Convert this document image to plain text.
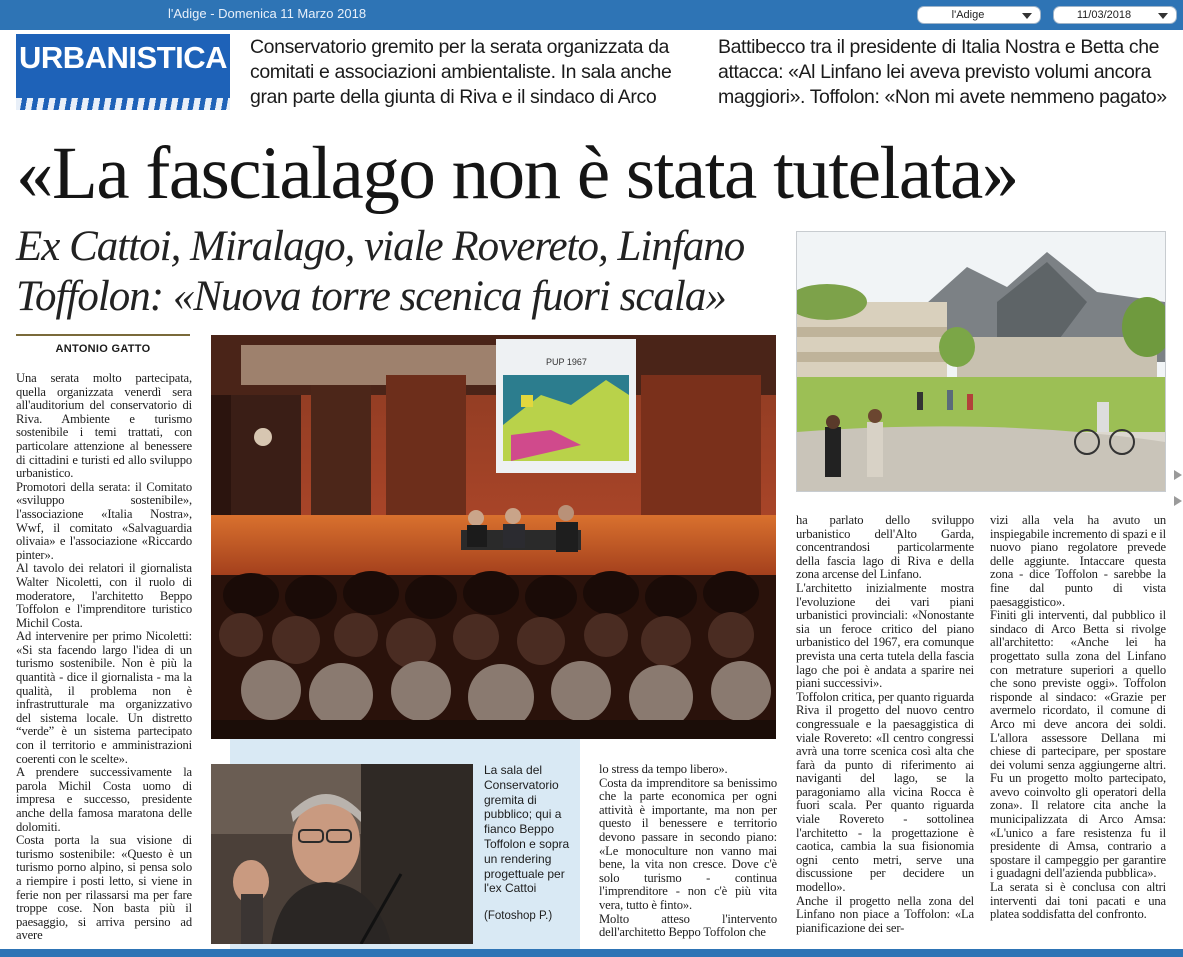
l'Adige - Domenica 11 Marzo 2018	l'Adige	11/03/2018
URBANISTICA Conservatorio gremito per la serata organizzata da comitati e associazioni ambientaliste. In sala anche gran parte della giunta di Riva e il sindaco di Arco
Battibecco tra il presidente di Italia Nostra e Betta che attacca: «Al Linfano lei aveva previsto volumi ancora maggiori». Toffolon: «Non mi avete nemmeno pagato»
«La fascialago non è stata tutelata»
Ex Cattoi, Miralago, viale Rovereto, Linfano
Toffolon: «Nuova torre scenica fuori scala»
ANTONIO GATTO

Una serata molto partecipata, quella organizzata venerdì sera all'auditorium del conservatorio di Riva. Ambiente e turismo sostenibile i temi trattati, con particolare attenzione al benessere di cittadini e turisti ed allo sviluppo urbanistico.

Promotori della serata: il Comitato «sviluppo sostenibile», l'associazione «Italia Nostra», Wwf, il comitato «Salvaguardia olivaia» e l'associazione «Riccardo pinter».

Al tavolo dei relatori il giornalista Walter Nicoletti, con il ruolo di moderatore, l'architetto Beppo Toffolon e l'imprenditore turistico Michil Costa.

Ad intervenire per primo Nicoletti: «Si sta facendo largo l'idea di un turismo sostenibile. Non è più la quantità - dice il giornalista - ma la qualità, il problema non è infrastrutturale ma organizzativo del sistema locale. Un distretto “verde” è un sistema partecipato con il territorio e amministrazioni coerenti con le scelte».

A prendere successivamente la parola Michil Costa uomo di impresa e successo, presidente anche della famosa maratona delle dolomiti.

Costa porta la sua visione di turismo sostenibile: «Questo è un turismo porno alpino, si pensa solo a riempire i posti letto, si viene in ferie non per rilassarsi ma per fare troppe cose. Non basta più il paesaggio, si arriva persino ad avere

lo stress da tempo libero».

Costa da imprenditore sa benissimo che la parte economica per ogni attività è importante, ma non per questo il benessere e territorio devono passare in secondo piano: «Le monoculture non vanno mai bene, la vita non cresce. Dove c'è solo turismo - continua l'imprenditore - non c'è più vita vera, tutto è finto».

Molto atteso l'intervento dell'architetto Beppo Toffolon che

ha parlato dello sviluppo urbanistico dell'Alto Garda, concentrandosi particolarmente della fascia lago di Riva e della zona arcense del Linfano.

L'architetto inizialmente mostra l'evoluzione dei vari piani urbanistici provinciali: «Nonostante sia un feroce critico del piano urbanistico del 1967, era comunque prevista una certa tutela della fascia lago che poi è andata a sparire nei piani successivi».

Toffolon critica, per quanto riguarda Riva il progetto del nuovo centro congressuale e la paesaggistica di viale Rovereto: «Il centro congressi avrà una torre scenica così alta che farà da punto di riferimento ai naviganti del lago, se la paragoniamo alla vicina Rocca è fuori scala. Per quanto riguarda viale Rovereto - sottolinea l'architetto - la progettazione è caotica, cambia la sua fisionomia ogni cento metri, serve una discussione per decidere un modello».

Anche il progetto nella zona del Linfano non piace a Toffolon: «La pianificazione dei ser-

vizi alla vela ha avuto un inspiegabile incremento di spazi e il nuovo piano regolatore prevede delle aggiunte. Intaccare questa zona - dice Toffolon - sarebbe la fine dal punto di vista paesaggistico».

Finiti gli interventi, dal pubblico il sindaco di Arco Betta si rivolge all'architetto: «Anche lei ha progettato sulla zona del Linfano con metrature superiori a quello che sono previste oggi». Toffolon risponde al sindaco: «Grazie per avermelo ricordato, il comune di Arco mi deve ancora dei soldi. L'allora assessore Dellana mi chiese di partecipare, per spostare dei volumi senza aggiungerne altri. Fu un progetto molto partecipato, avevo coinvolto gli operatori della zona». Il relatore cita anche la municipalizzata di Arco Amsa: «L'unico a fare resistenza fu il presidente di Amsa, contrario a spostare il campeggio per garantire i guadagni dell'azienda pubblica».

La serata si è conclusa con altri interventi dai toni pacati e una platea soddisfatta del confronto.

PUP 1967
La sala del Conservatorio gremita di pubblico; qui a fianco Beppo Toffolon e sopra un rendering progettuale per l'ex Cattoi
(Fotoshop P.)
